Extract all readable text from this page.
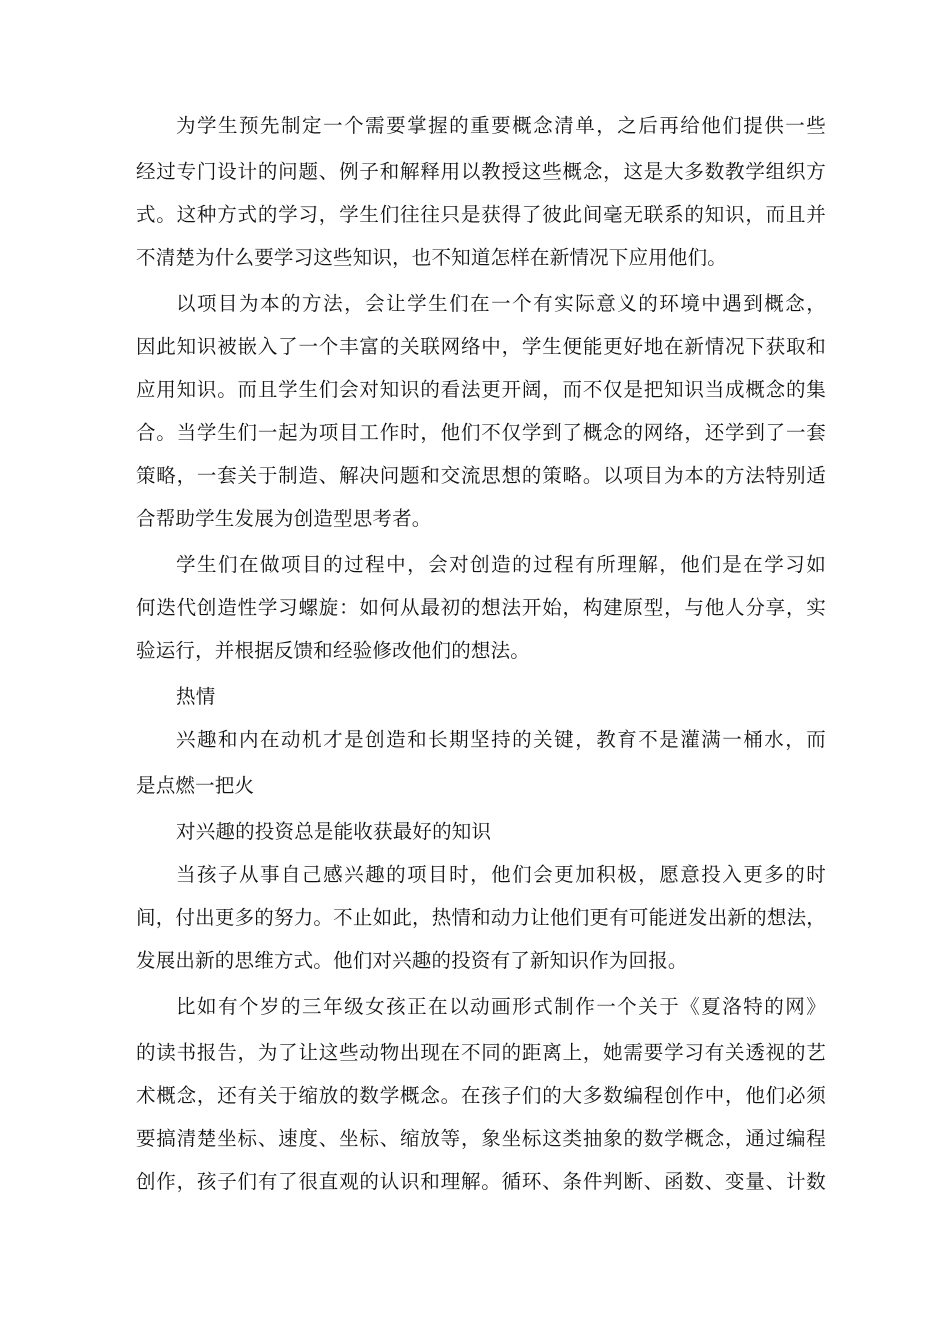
为学生预先制定一个需要掌握的重要概念清单，之后再给他们提供一些
经过专门设计的问题、例子和解释用以教授这些概念，这是大多数教学组织方
式。这种方式的学习，学生们往往只是获得了彼此间毫无联系的知识，而且并
不清楚为什么要学习这些知识，也不知道怎样在新情况下应用他们。
以项目为本的方法，会让学生们在一个有实际意义的环境中遇到概念，
因此知识被嵌入了一个丰富的关联网络中，学生便能更好地在新情况下获取和
应用知识。而且学生们会对知识的看法更开阔，而不仅是把知识当成概念的集
合。当学生们一起为项目工作时，他们不仅学到了概念的网络，还学到了一套
策略，一套关于制造、解决问题和交流思想的策略。以项目为本的方法特别适
合帮助学生发展为创造型思考者。
学生们在做项目的过程中，会对创造的过程有所理解，他们是在学习如
何迭代创造性学习螺旋：如何从最初的想法开始，构建原型，与他人分享，实
验运行，并根据反馈和经验修改他们的想法。
热情
兴趣和内在动机才是创造和长期坚持的关键，教育不是灌满一桶水，而
是点燃一把火
对兴趣的投资总是能收获最好的知识
当孩子从事自己感兴趣的项目时，他们会更加积极，愿意投入更多的时
间，付出更多的努力。不止如此，热情和动力让他们更有可能迸发出新的想法，
发展出新的思维方式。他们对兴趣的投资有了新知识作为回报。
比如有个岁的三年级女孩正在以动画形式制作一个关于《夏洛特的网》
的读书报告，为了让这些动物出现在不同的距离上，她需要学习有关透视的艺
术概念，还有关于缩放的数学概念。在孩子们的大多数编程创作中，他们必须
要搞清楚坐标、速度、坐标、缩放等，象坐标这类抽象的数学概念，通过编程
创作，孩子们有了很直观的认识和理解。循环、条件判断、函数、变量、计数
